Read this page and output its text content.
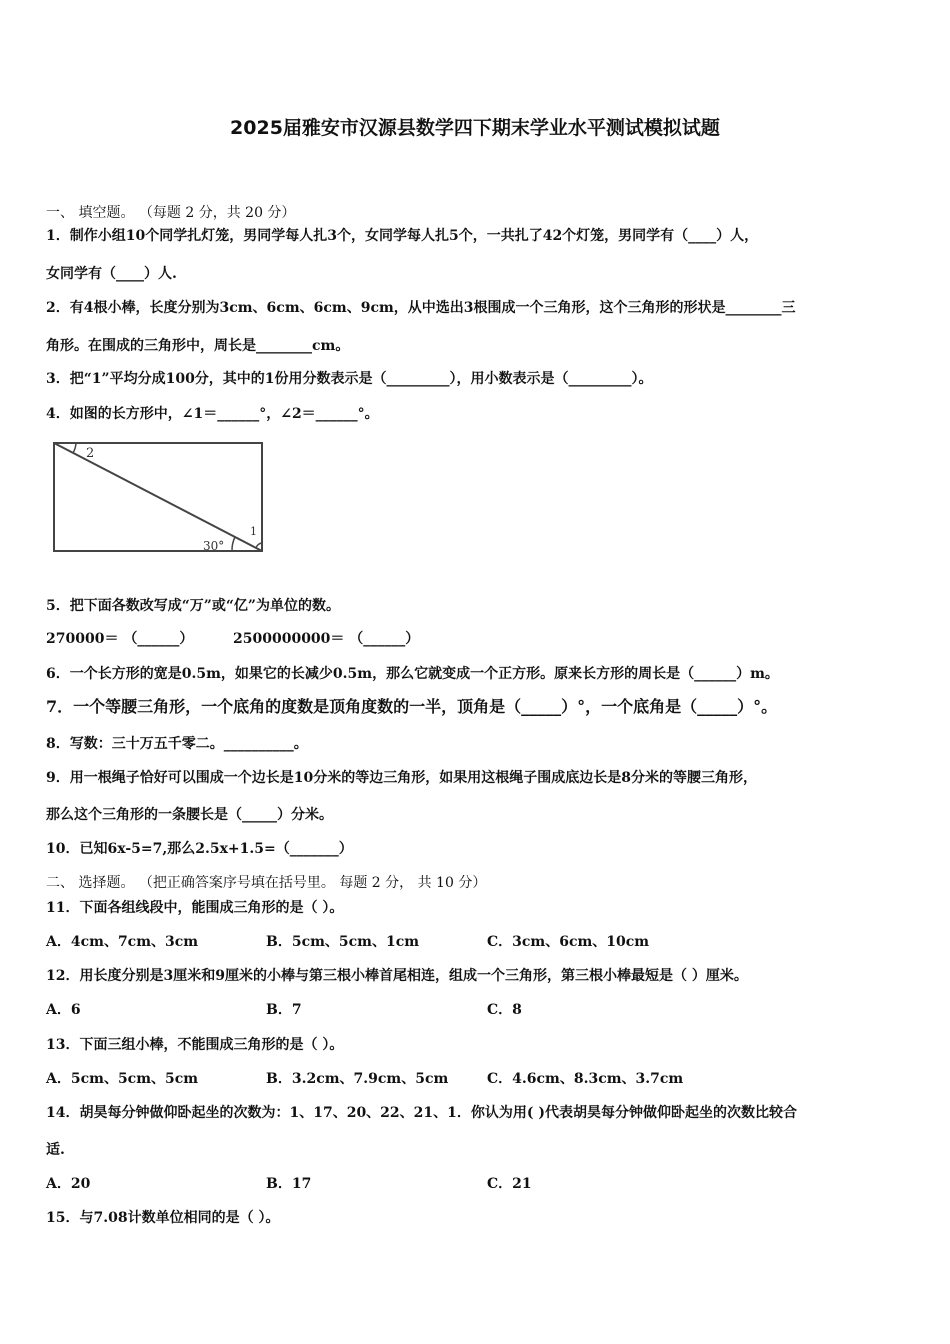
2025届雅安市汉源县数学四下期末学业水平测试模拟试题
一、 填空题。 （每题 2 分，共 20 分）
1．制作小组10个同学扎灯笼，男同学每人扎3个，女同学每人扎5个，一共扎了42个灯笼，男同学有（____）人，
女同学有（____）人.
2．有4根小棒，长度分别为3cm、6cm、6cm、9cm，从中选出3根围成一个三角形，这个三角形的形状是________三
角形。在围成的三角形中，周长是________cm。
3．把“1”平均分成100分，其中的1份用分数表示是（_________），用小数表示是（_________）。
4．如图的长方形中，∠1＝______°，∠2＝______°。
2
1
30°
5．把下面各数改写成“万”或“亿”为单位的数。
270000＝ （______）	2500000000＝ （______）
6．一个长方形的宽是0.5m，如果它的长减少0.5m，那么它就变成一个正方形。原来长方形的周长是（______）m。
7．一个等腰三角形，一个底角的度数是顶角度数的一半，顶角是（_____）°，一个底角是（_____）°。
8．写数：三十万五千零二。__________。
9．用一根绳子恰好可以围成一个边长是10分米的等边三角形，如果用这根绳子围成底边长是8分米的等腰三角形，
那么这个三角形的一条腰长是（_____）分米。
10．已知6x-5=7,那么2.5x+1.5=（_______）
二、 选择题。 （把正确答案序号填在括号里。 每题 2 分， 共 10 分）
11．下面各组线段中，能围成三角形的是（ ）。
A．4cm、7cm、3cm	B．5cm、5cm、1cm	C．3cm、6cm、10cm
12．用长度分别是3厘米和9厘米的小棒与第三根小棒首尾相连，组成一个三角形，第三根小棒最短是（ ）厘米。
A．6	B．7	C．8
13．下面三组小棒，不能围成三角形的是（ ）。
A．5cm、5cm、5cm	B．3.2cm、7.9cm、5cm	C．4.6cm、8.3cm、3.7cm
14．胡昊每分钟做仰卧起坐的次数为：1、17、20、22、21、1．你认为用( )代表胡昊每分钟做仰卧起坐的次数比较合
适.
A．20	B．17	C．21
15．与7.08计数单位相同的是（ ）。
